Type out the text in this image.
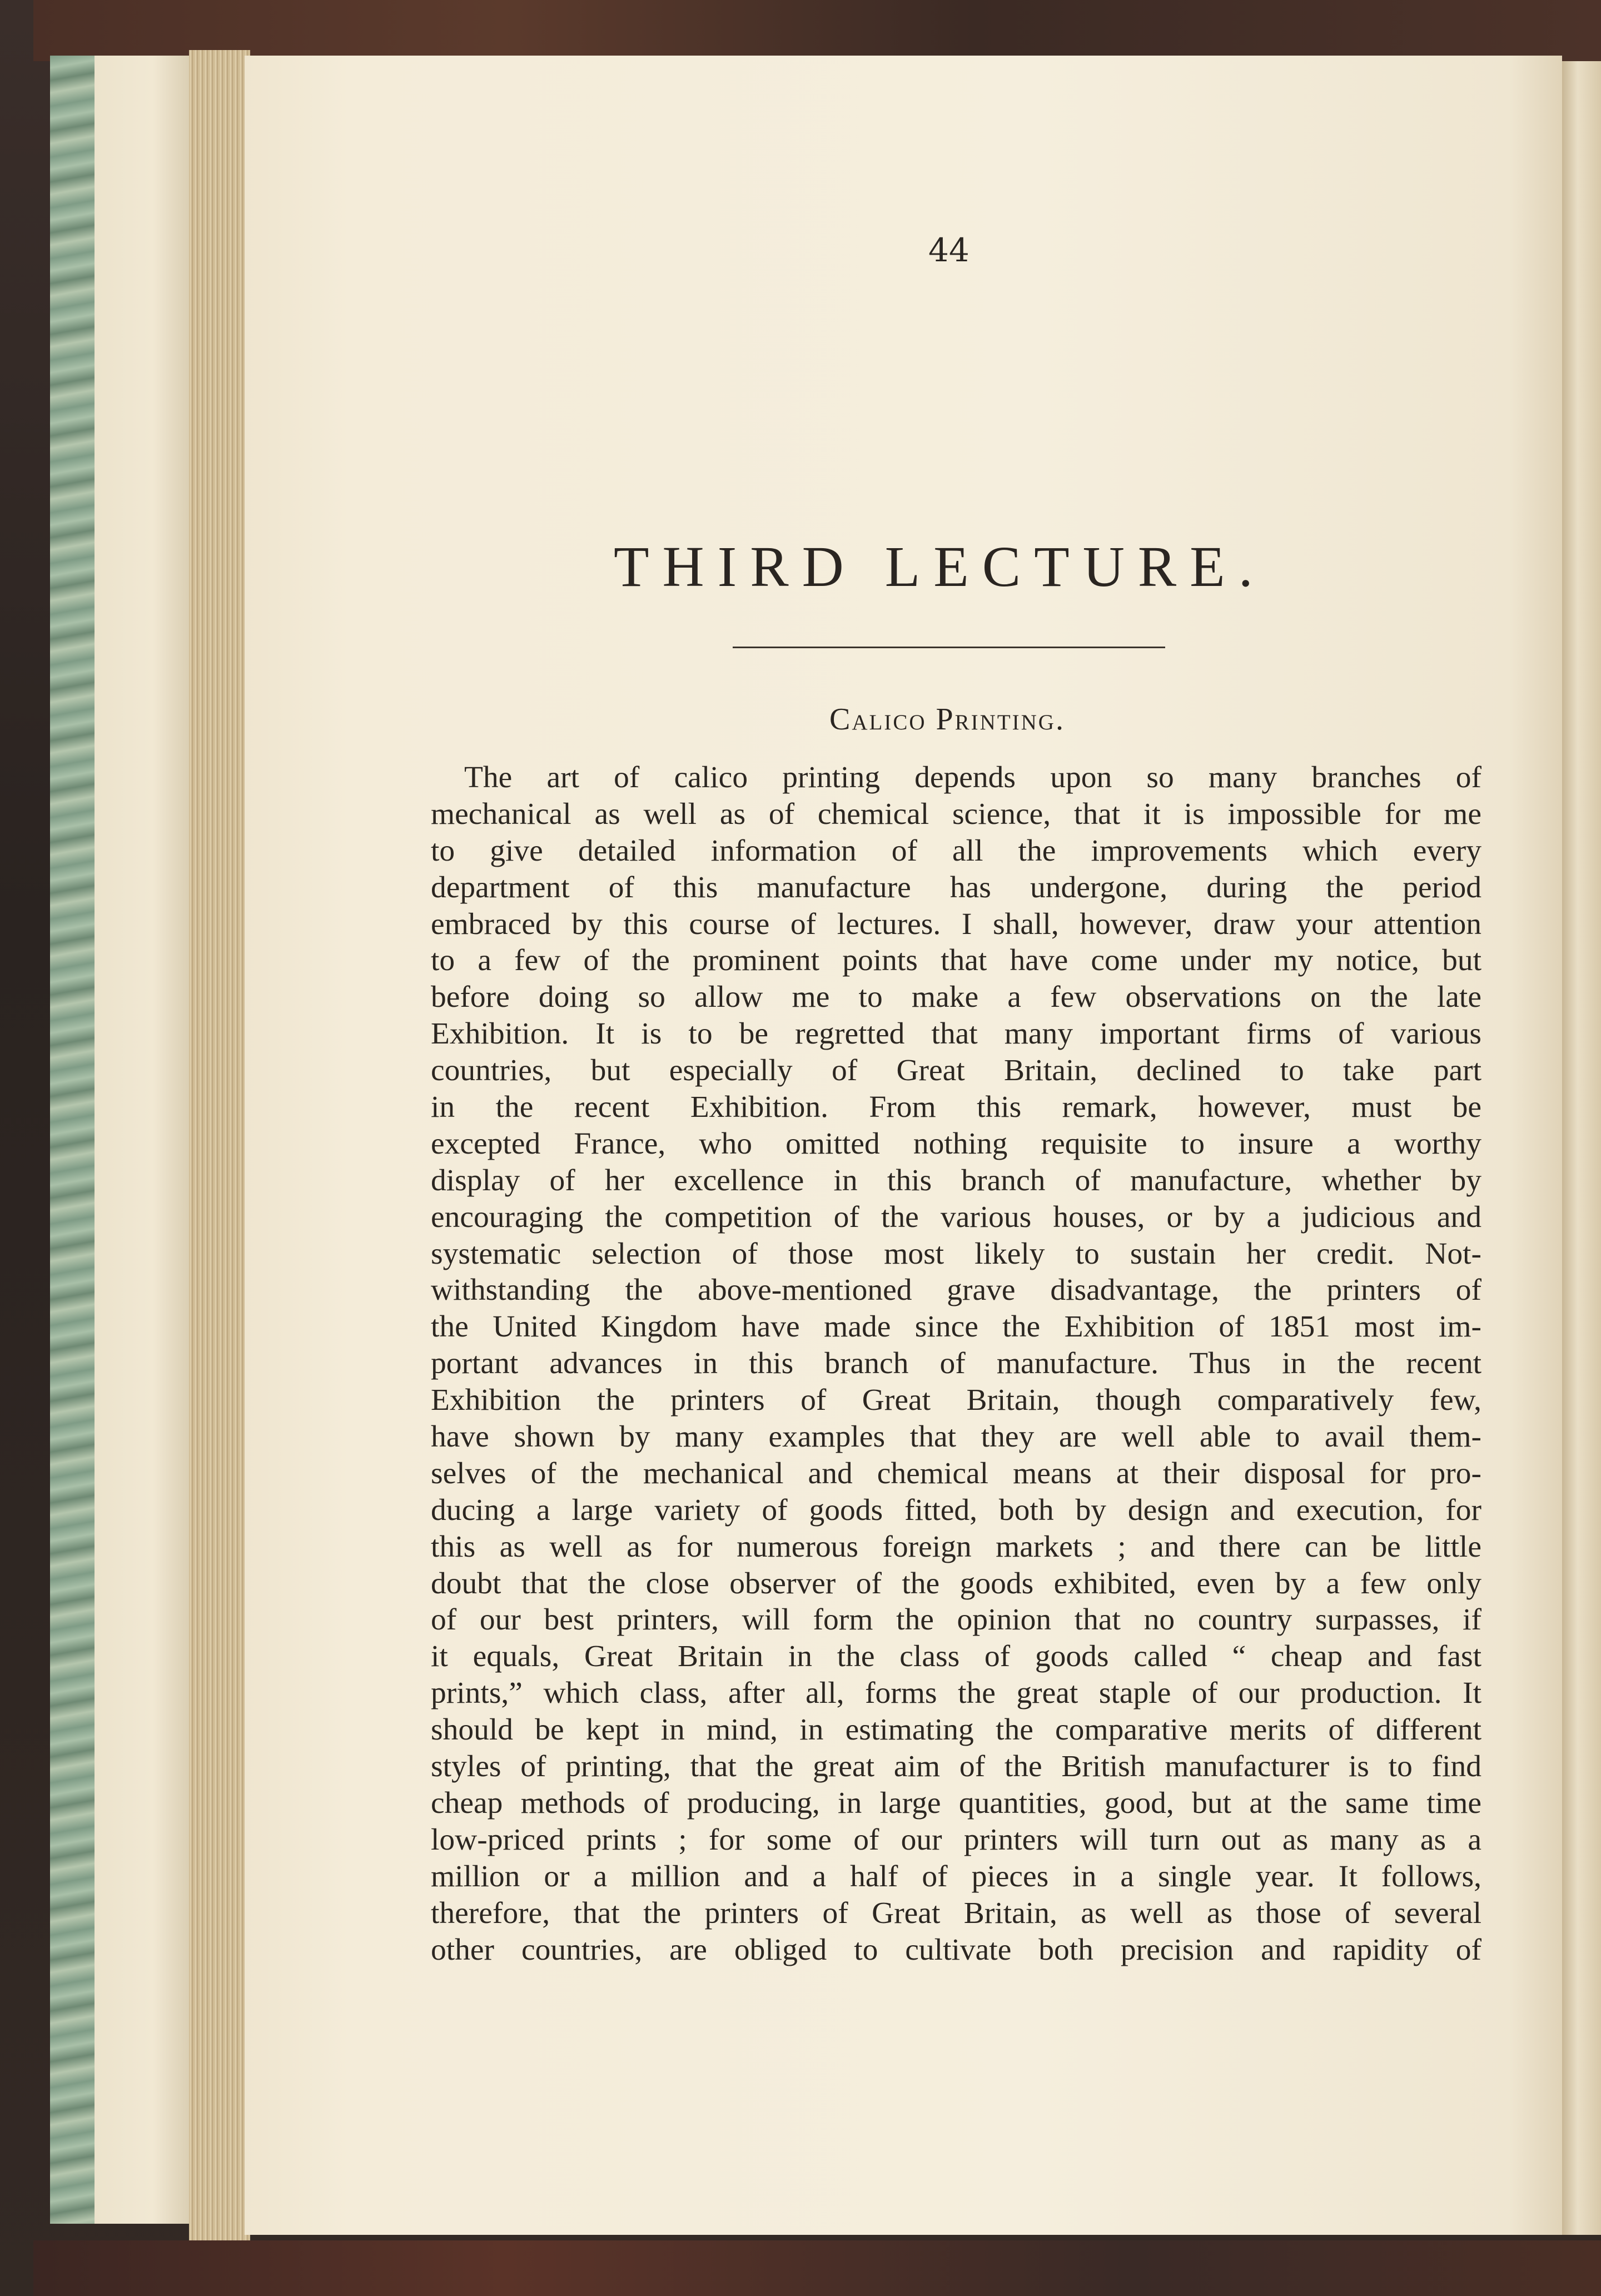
44
THIRD LECTURE.
Calico Printing.
The art of calico printing depends upon so many branches of
mechanical as well as of chemical science, that it is impossible for me
to give detailed information of all the improvements which every
department of this manufacture has undergone, during the period
embraced by this course of lectures. I shall, however, draw your attention
to a few of the prominent points that have come under my notice, but
before doing so allow me to make a few observations on the late
Exhibition. It is to be regretted that many important firms of various
countries, but especially of Great Britain, declined to take part
in the recent Exhibition. From this remark, however, must be
excepted France, who omitted nothing requisite to insure a worthy
display of her excellence in this branch of manufacture, whether by
encouraging the competition of the various houses, or by a judicious and
systematic selection of those most likely to sustain her credit. Not-
withstanding the above-mentioned grave disadvantage, the printers of
the United Kingdom have made since the Exhibition of 1851 most im-
portant advances in this branch of manufacture. Thus in the recent
Exhibition the printers of Great Britain, though comparatively few,
have shown by many examples that they are well able to avail them-
selves of the mechanical and chemical means at their disposal for pro-
ducing a large variety of goods fitted, both by design and execution, for
this as well as for numerous foreign markets ; and there can be little
doubt that the close observer of the goods exhibited, even by a few only
of our best printers, will form the opinion that no country surpasses, if
it equals, Great Britain in the class of goods called “ cheap and fast
prints,” which class, after all, forms the great staple of our production. It
should be kept in mind, in estimating the comparative merits of different
styles of printing, that the great aim of the British manufacturer is to find
cheap methods of producing, in large quantities, good, but at the same time
low-priced prints ; for some of our printers will turn out as many as a
million or a million and a half of pieces in a single year. It follows,
therefore, that the printers of Great Britain, as well as those of several
other countries, are obliged to cultivate both precision and rapidity of
